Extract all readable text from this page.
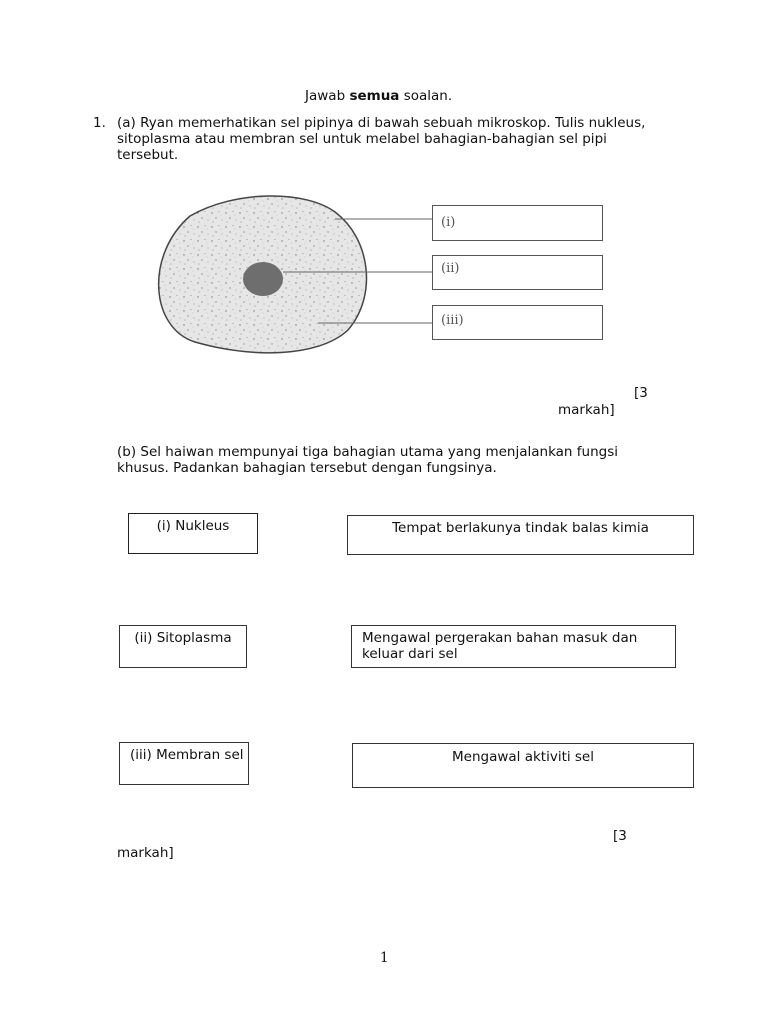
Jawab semua soalan.
1. (a) Ryan memerhatikan sel pipinya di bawah sebuah mikroskop. Tulis nukleus,
sitoplasma atau membran sel untuk melabel bahagian-bahagian sel pipi
tersebut.
(i)
(ii)
(iii)
[3
markah]
(b) Sel haiwan mempunyai tiga bahagian utama yang menjalankan fungsi
khusus. Padankan bahagian tersebut dengan fungsinya.
(i) Nukleus
(ii) Sitoplasma
(iii) Membran sel
Tempat berlakunya tindak balas kimia
Mengawal pergerakan bahan masuk dan keluar dari sel
Mengawal aktiviti sel
[3
markah]
1
